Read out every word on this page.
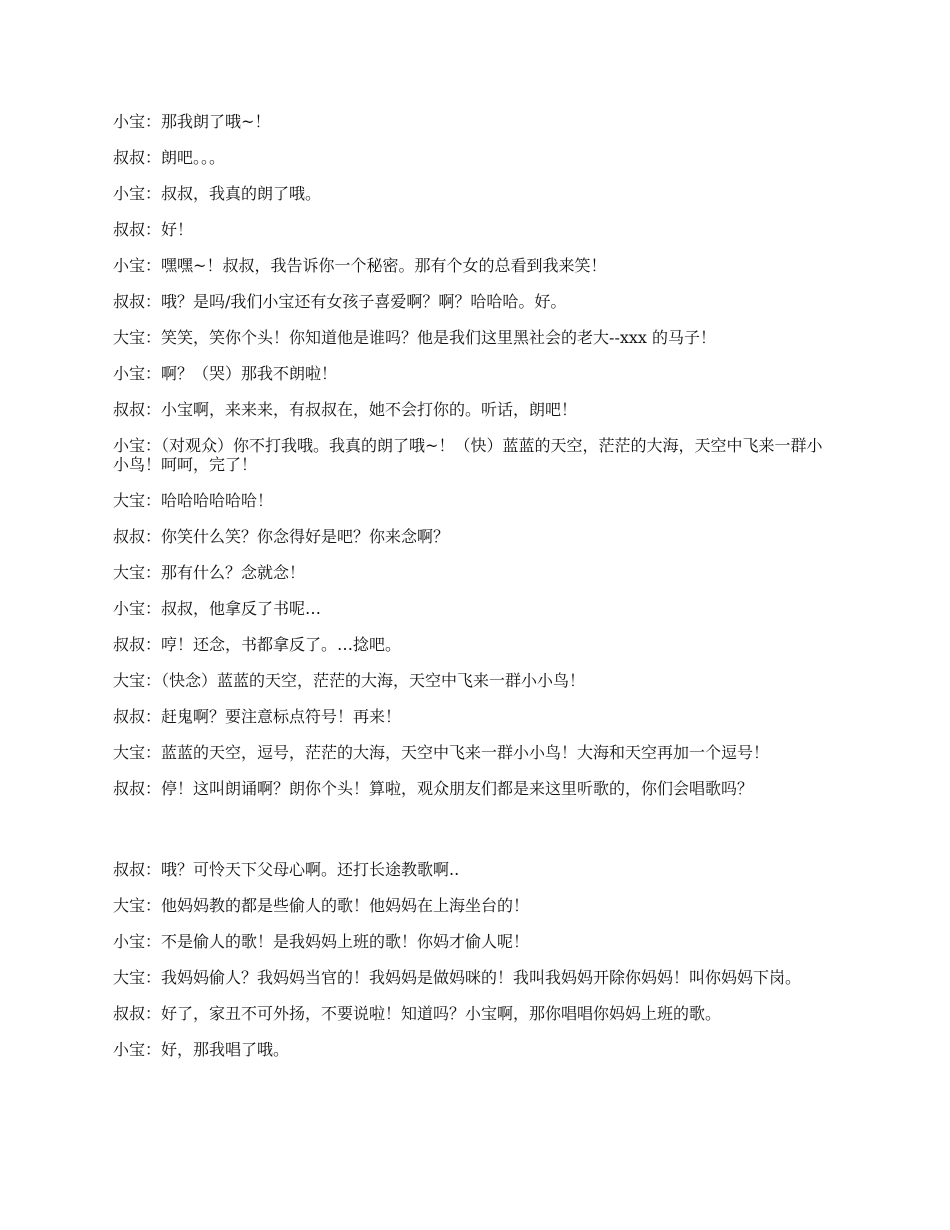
小宝：那我朗了哦~！

叔叔：朗吧。。。

小宝：叔叔，我真的朗了哦。

叔叔：好！

小宝：嘿嘿~！叔叔，我告诉你一个秘密。那有个女的总看到我来笑！

叔叔：哦？是吗/我们小宝还有女孩子喜爱啊？啊？哈哈哈。好。

大宝：笑笑，笑你个头！你知道他是谁吗？他是我们这里黑社会的老大--xxx 的马子！

小宝：啊？（哭）那我不朗啦！

叔叔：小宝啊，来来来，有叔叔在，她不会打你的。听话，朗吧！

小宝：（对观众）你不打我哦。我真的朗了哦~！（快）蓝蓝的天空，茫茫的大海，天空中飞来一群小小鸟！呵呵，完了！

大宝：哈哈哈哈哈哈！

叔叔：你笑什么笑？你念得好是吧？你来念啊？

大宝：那有什么？念就念！

小宝：叔叔，他拿反了书呢…

叔叔：哼！还念，书都拿反了。…捻吧。

大宝：（快念）蓝蓝的天空，茫茫的大海，天空中飞来一群小小鸟！

叔叔：赶鬼啊？要注意标点符号！再来！

大宝：蓝蓝的天空，逗号，茫茫的大海，天空中飞来一群小小鸟！大海和天空再加一个逗号！

叔叔：停！这叫朗诵啊？朗你个头！算啦，观众朋友们都是来这里听歌的，你们会唱歌吗？

叔叔：哦？可怜天下父母心啊。还打长途教歌啊..

大宝：他妈妈教的都是些偷人的歌！他妈妈在上海坐台的！

小宝：不是偷人的歌！是我妈妈上班的歌！你妈才偷人呢！

大宝：我妈妈偷人？我妈妈当官的！我妈妈是做妈咪的！我叫我妈妈开除你妈妈！叫你妈妈下岗。

叔叔：好了，家丑不可外扬，不要说啦！知道吗？小宝啊，那你唱唱你妈妈上班的歌。

小宝：好，那我唱了哦。
